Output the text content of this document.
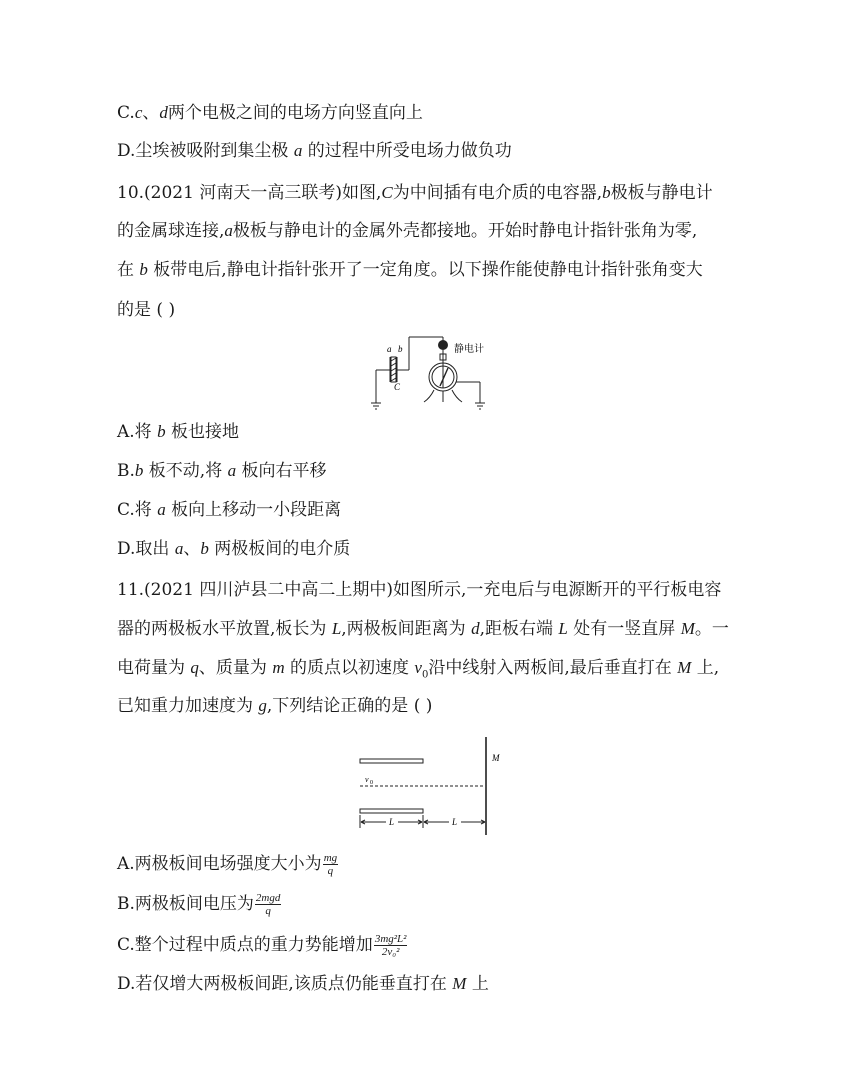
C.c、d两个电极之间的电场方向竖直向上
D.尘埃被吸附到集尘极 a 的过程中所受电场力做负功
10.(2021 河南天一高三联考)如图,C为中间插有电介质的电容器,b极板与静电计
的金属球连接,a极板与静电计的金属外壳都接地。开始时静电计指针张角为零,
在 b 板带电后,静电计指针张开了一定角度。以下操作能使静电计指针张角变大
的是 ( )
a b
C
静电计
A.将 b 板也接地
B.b 板不动,将 a 板向右平移
C.将 a 板向上移动一小段距离
D.取出 a、b 两极板间的电介质
11.(2021 四川泸县二中高二上期中)如图所示,一充电后与电源断开的平行板电容
器的两极板水平放置,板长为 L,两极板间距离为 d,距板右端 L 处有一竖直屏 M。一
电荷量为 q、质量为 m 的质点以初速度 $v_0$沿中线射入两板间,最后垂直打在 M 上,
已知重力加速度为 g,下列结论正确的是 ( )
M
v 0
L	L
A.两极板间电场强度大小为 $\frac{mg}{q}$
B.两极板间电压为 $\frac{\text{2mgd}}{q}$
C.整个过程中质点的重力势能增加 $\frac{\text{3mg²L²}}{\text{2v₀²}}$
D.若仅增大两极板间距,该质点仍能垂直打在 M 上
